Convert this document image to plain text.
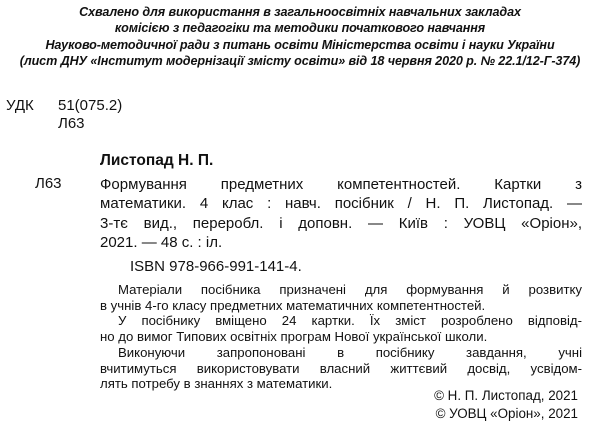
Схвалено для використання в загальноосвітніх навчальних закладах
комісією з педагогіки та методики початкового навчання
Науково-методичної ради з питань освіти Міністерства освіти і науки України
(лист ДНУ «Інститут модернізації змісту освіти» від 18 червня 2020 р. № 22.1/12-Г-374)
УДК 51(075.2)
Л63
Листопад Н. П.
Л63	Формування предметних компетентностей. Картки з
математики. 4 клас : навч. посібник / Н. П. Листопад. —
3-тє вид., переробл. і доповн. — Київ : УОВЦ «Оріон»,
2021. — 48 с. : іл.
ISBN 978-966-991-141-4.
Матеріали посібника призначені для формування й розвитку
в учнів 4-го класу предметних математичних компетентностей.
У посібнику вміщено 24 картки. Їх зміст розроблено відповід-
но до вимог Типових освітніх програм Нової української школи.
Виконуючи запропоновані в посібнику завдання, учні
вчитимуться використовувати власний життєвий досвід, усвідом-
лять потребу в знаннях з математики.
© Н. П. Листопад, 2021
© УОВЦ «Оріон», 2021
